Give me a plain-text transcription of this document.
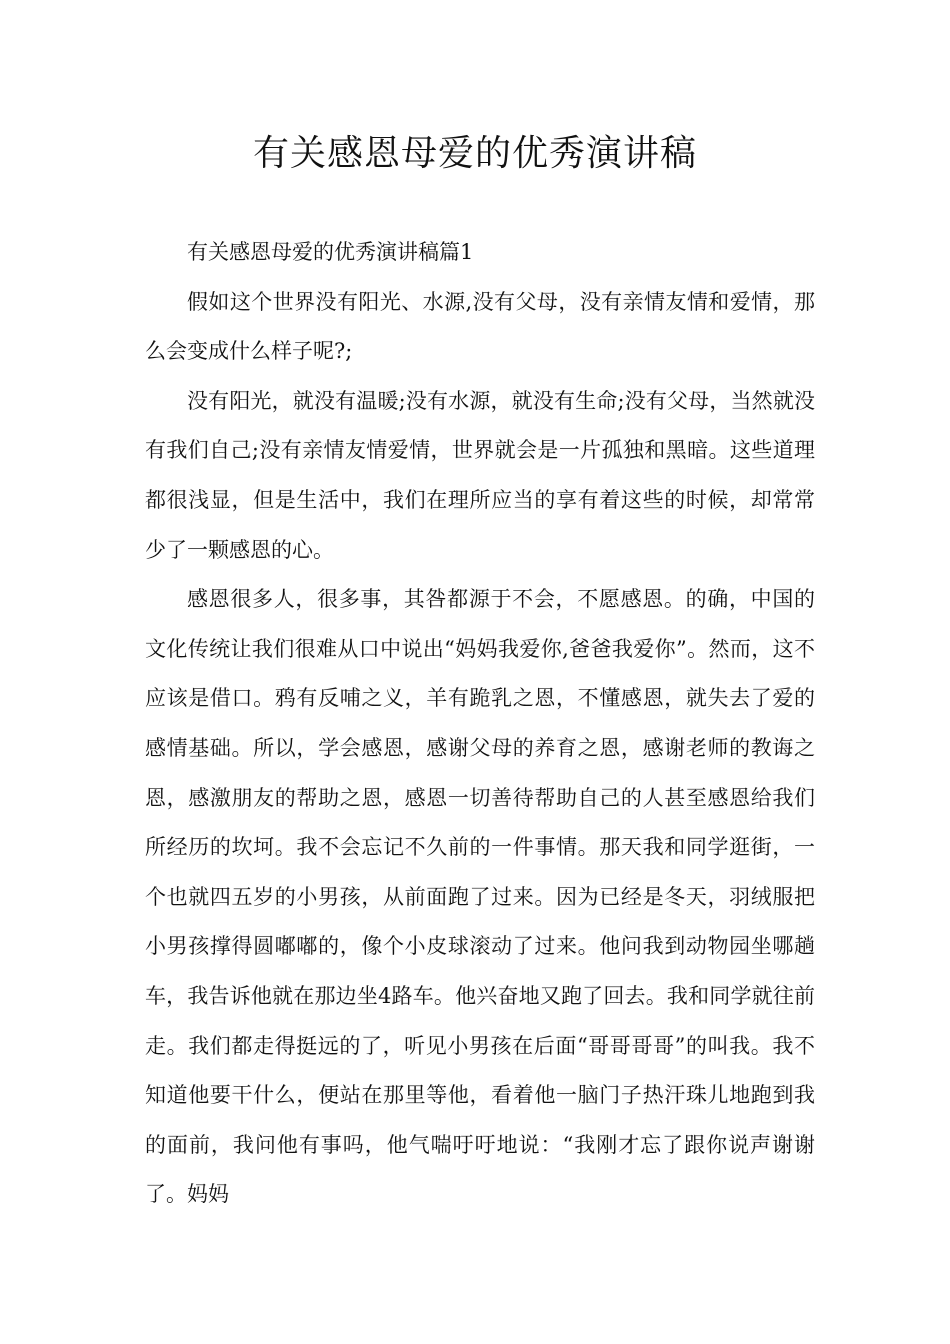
有关感恩母爱的优秀演讲稿

有关感恩母爱的优秀演讲稿篇1

假如这个世界没有阳光、水源,没有父母，没有亲情友情和爱情，那么会变成什么样子呢?;

没有阳光，就没有温暖;没有水源，就没有生命;没有父母，当然就没有我们自己;没有亲情友情爱情，世界就会是一片孤独和黑暗。这些道理都很浅显，但是生活中，我们在理所应当的享有着这些的时候，却常常少了一颗感恩的心。

感恩很多人，很多事，其咎都源于不会，不愿感恩。的确，中国的文化传统让我们很难从口中说出“妈妈我爱你,爸爸我爱你”。然而，这不应该是借口。鸦有反哺之义，羊有跪乳之恩，不懂感恩，就失去了爱的感情基础。所以，学会感恩，感谢父母的养育之恩，感谢老师的教诲之恩，感激朋友的帮助之恩，感恩一切善待帮助自己的人甚至感恩给我们所经历的坎坷。我不会忘记不久前的一件事情。那天我和同学逛街，一个也就四五岁的小男孩，从前面跑了过来。因为已经是冬天，羽绒服把小男孩撑得圆嘟嘟的，像个小皮球滚动了过来。他问我到动物园坐哪趟车，我告诉他就在那边坐4路车。他兴奋地又跑了回去。我和同学就往前走。我们都走得挺远的了，听见小男孩在后面“哥哥哥哥”的叫我。我不知道他要干什么，便站在那里等他，看着他一脑门子热汗珠儿地跑到我的面前，我问他有事吗，他气喘吁吁地说：“我刚才忘了跟你说声谢谢了。妈妈
